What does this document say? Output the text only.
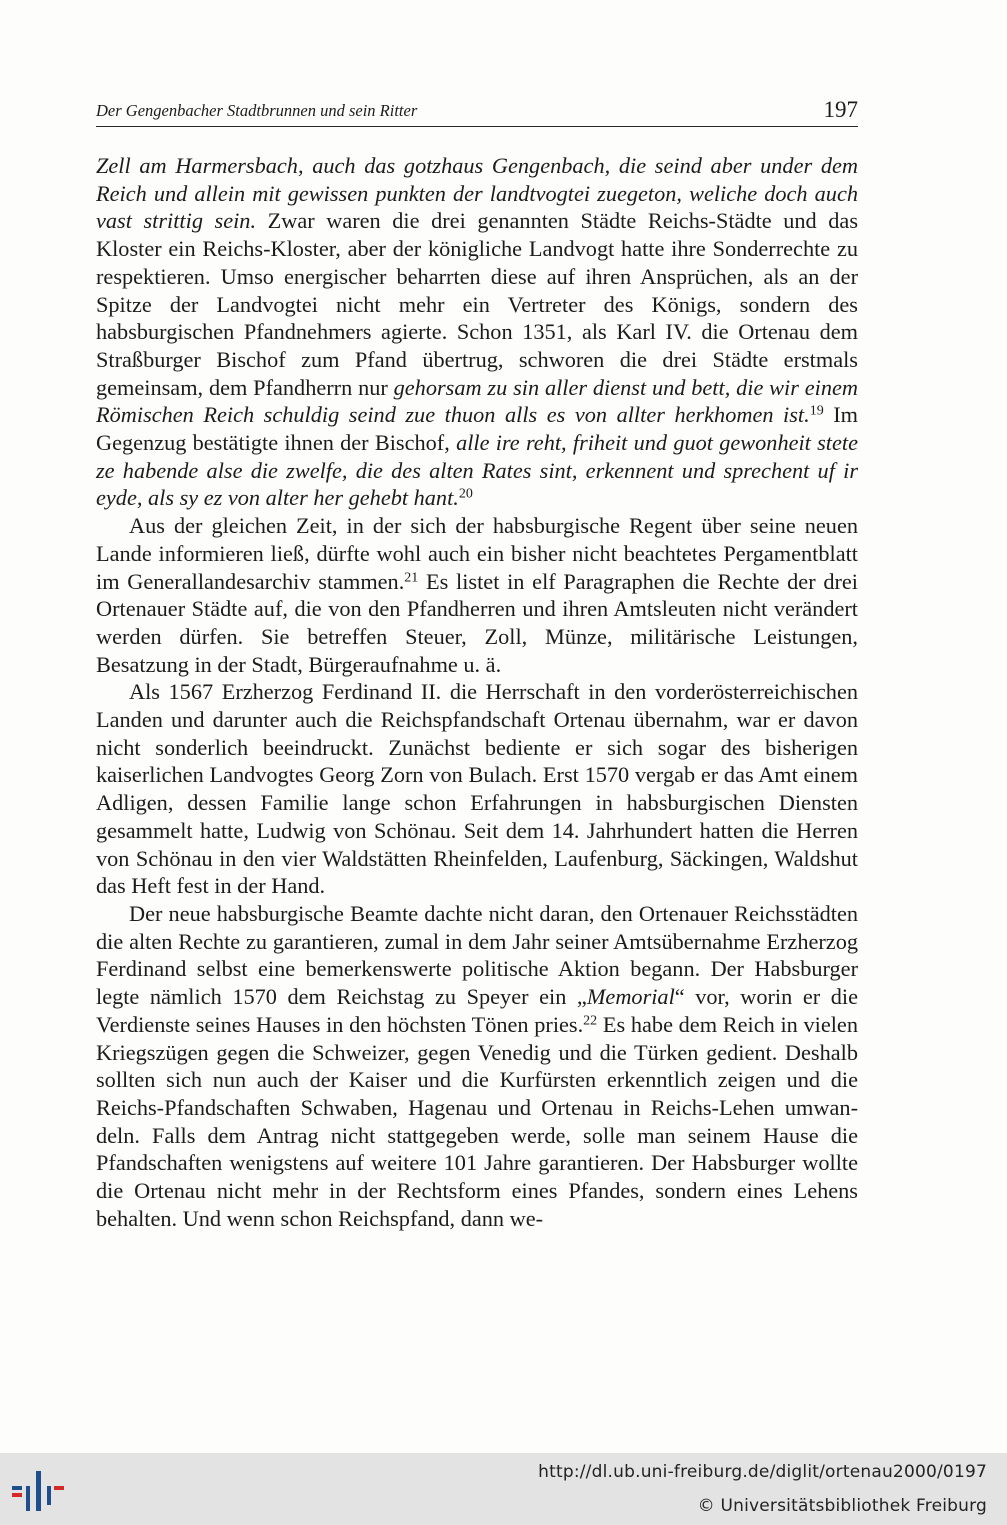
Der Gengenbacher Stadtbrunnen und sein Ritter	197

Zell am Harmersbach, auch das gotzhaus Gengenbach, die seind aber under dem Reich und allein mit gewissen punkten der landtvogtei zuegeton, weliche doch auch vast strittig sein. Zwar waren die drei genannten Städte Reichs-Städte und das Kloster ein Reichs-Kloster, aber der königliche Landvogt hatte ihre Sonderrechte zu respektieren. Umso energischer beharrten diese auf ihren Ansprüchen, als an der Spitze der Landvogtei nicht mehr ein Vertreter des Königs, sondern des habsburgischen Pfandnehmers agierte. Schon 1351, als Karl IV. die Ortenau dem Straßburger Bischof zum Pfand übertrug, schworen die drei Städte erstmals gemeinsam, dem Pfandherrn nur gehorsam zu sin aller dienst und bett, die wir einem Römischen Reich schuldig seind zue thuon alls es von allter herkhomen ist.$^{19}$ Im Gegenzug bestätigte ihnen der Bischof, alle ire reht, friheit und guot gewonheit stete ze habende alse die zwelfe, die des alten Rates sint, erkennent und sprechent uf ir eyde, als sy ez von alter her gehebt hant.$^{20}$

Aus der gleichen Zeit, in der sich der habsburgische Regent über seine neuen Lande informieren ließ, dürfte wohl auch ein bisher nicht beachtetes Pergamentblatt im Generallandesarchiv stammen.$^{21}$ Es listet in elf Paragraphen die Rechte der drei Ortenauer Städte auf, die von den Pfandherren und ihren Amtsleuten nicht verändert werden dürfen. Sie betreffen Steuer, Zoll, Münze, militärische Leistungen, Besatzung in der Stadt, Bürgeraufnahme u. ä.

Als 1567 Erzherzog Ferdinand II. die Herrschaft in den vorderösterreichischen Landen und darunter auch die Reichspfandschaft Ortenau übernahm, war er davon nicht sonderlich beeindruckt. Zunächst bediente er sich sogar des bisherigen kaiserlichen Landvogtes Georg Zorn von Bulach. Erst 1570 vergab er das Amt einem Adligen, dessen Familie lange schon Erfahrungen in habsburgischen Diensten gesammelt hatte, Ludwig von Schönau. Seit dem 14. Jahrhundert hatten die Herren von Schönau in den vier Waldstätten Rheinfelden, Laufenburg, Säckingen, Waldshut das Heft fest in der Hand.

Der neue habsburgische Beamte dachte nicht daran, den Ortenauer Reichsstädten die alten Rechte zu garantieren, zumal in dem Jahr seiner Amtsübernahme Erzherzog Ferdinand selbst eine bemerkenswerte politische Aktion begann. Der Habsburger legte nämlich 1570 dem Reichstag zu Speyer ein „Memorial“ vor, worin er die Verdienste seines Hauses in den höchsten Tönen pries.$^{22}$ Es habe dem Reich in vielen Kriegszügen gegen die Schweizer, gegen Venedig und die Türken gedient. Deshalb sollten sich nun auch der Kaiser und die Kurfürsten erkenntlich zeigen und die Reichs-Pfandschaften Schwaben, Hagenau und Ortenau in Reichs-Lehen umwandeln. Falls dem Antrag nicht stattgegeben werde, solle man seinem Hause die Pfandschaften wenigstens auf weitere 101 Jahre garantieren. Der Habsburger wollte die Ortenau nicht mehr in der Rechtsform eines Pfandes, sondern eines Lehens behalten. Und wenn schon Reichspfand, dann we-

http://dl.ub.uni-freiburg.de/diglit/ortenau2000/0197
© Universitätsbibliothek Freiburg
